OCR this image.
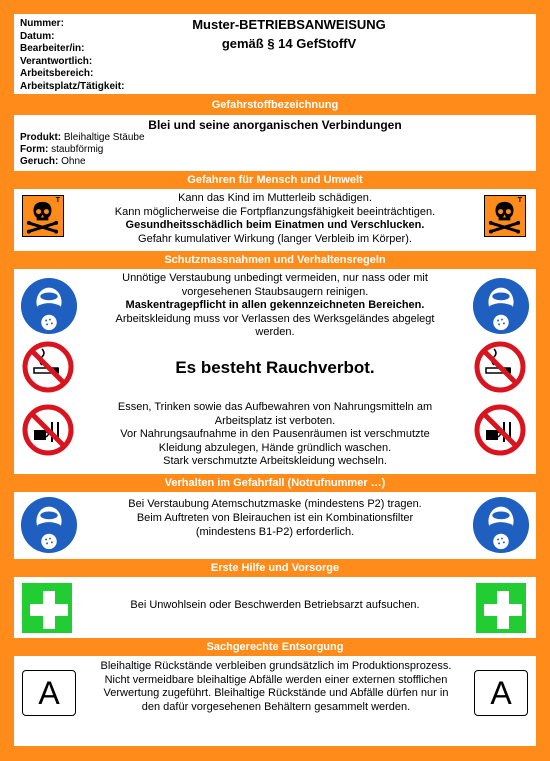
Nummer:
Datum:
Bearbeiter/in:
Verantwortlich:
Arbeitsbereich:
Arbeitsplatz/Tätigkeit:
Muster-BETRIEBSANWEISUNG
gemäß § 14 GefStoffV
Gefahrstoffbezeichnung
Blei und seine anorganischen Verbindungen
Produkt: Bleihaltige Stäube
Form: staubförmig
Geruch: Ohne
Gefahren für Mensch und Umwelt
T	Kann das Kind im Mutterleib schädigen.
Kann möglicherweise die Fortpflanzungsfähigkeit beeinträchtigen.
Gesundheitsschädlich beim Einatmen und Verschlucken.
Gefahr kumulativer Wirkung (langer Verbleib im Körper).
T
Schutzmassnahmen und Verhaltensregeln
Unnötige Verstaubung unbedingt vermeiden, nur nass oder mit
vorgesehenen Staubsaugern reinigen.
Maskentragepflicht in allen gekennzeichneten Bereichen.
Arbeitskleidung muss vor Verlassen des Werksgeländes abgelegt
werden.
Es besteht Rauchverbot.
Essen, Trinken sowie das Aufbewahren von Nahrungsmitteln am
Arbeitsplatz ist verboten.
Vor Nahrungsaufnahme in den Pausenräumen ist verschmutzte
Kleidung abzulegen, Hände gründlich waschen.
Stark verschmutzte Arbeitskleidung wechseln.
Verhalten im Gefahrfall (Notrufnummer …)
Bei Verstaubung Atemschutzmaske (mindestens P2) tragen.
Beim Auftreten von Bleirauchen ist ein Kombinationsfilter
(mindestens B1-P2) erforderlich.
Erste Hilfe und Vorsorge
Bei Unwohlsein oder Beschwerden Betriebsarzt aufsuchen.
Sachgerechte Entsorgung
A
Bleihaltige Rückstände verbleiben grundsätzlich im Produktionsprozess.
Nicht vermeidbare bleihaltige Abfälle werden einer externen stofflichen
Verwertung zugeführt. Bleihaltige Rückstände und Abfälle dürfen nur in
den dafür vorgesehenen Behältern gesammelt werden.	A
